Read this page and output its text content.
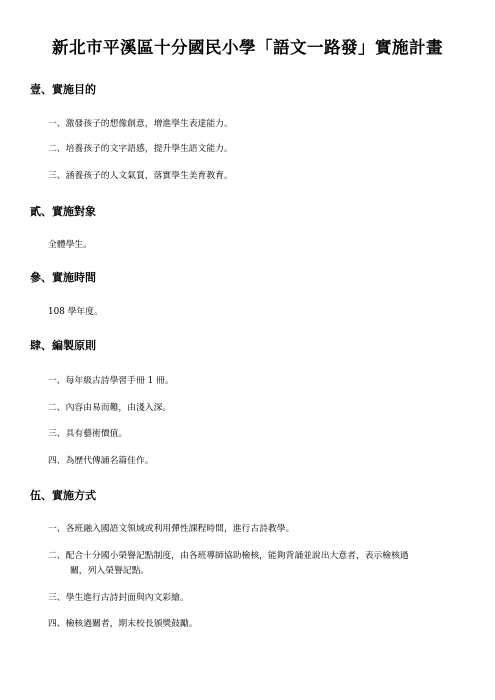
新北市平溪區十分國民小學「語文一路發」實施計畫
壹、實施目的
一、激發孩子的想像創意，增進學生表達能力。
二、培養孩子的文字語感，提升學生語文能力。
三、涵養孩子的人文氣質，落實學生美育教育。
貳、實施對象
全體學生。
參、實施時間
108 學年度。
肆、編製原則
一、每年級古詩學習手冊 1 冊。
二、內容由易而難，由淺入深。
三、具有藝術價值。
四、為歷代傳誦名篇佳作。
伍、實施方式
一、各班融入國語文領域或利用彈性課程時間，進行古詩教學。
二、配合十分國小榮譽記點制度，由各班導師協助檢核，能夠背誦並說出大意者，表示檢核過
關，列入榮譽記點。
三、學生進行古詩封面與內文彩繪。
四、檢核過關者，期末校長頒獎鼓勵。
